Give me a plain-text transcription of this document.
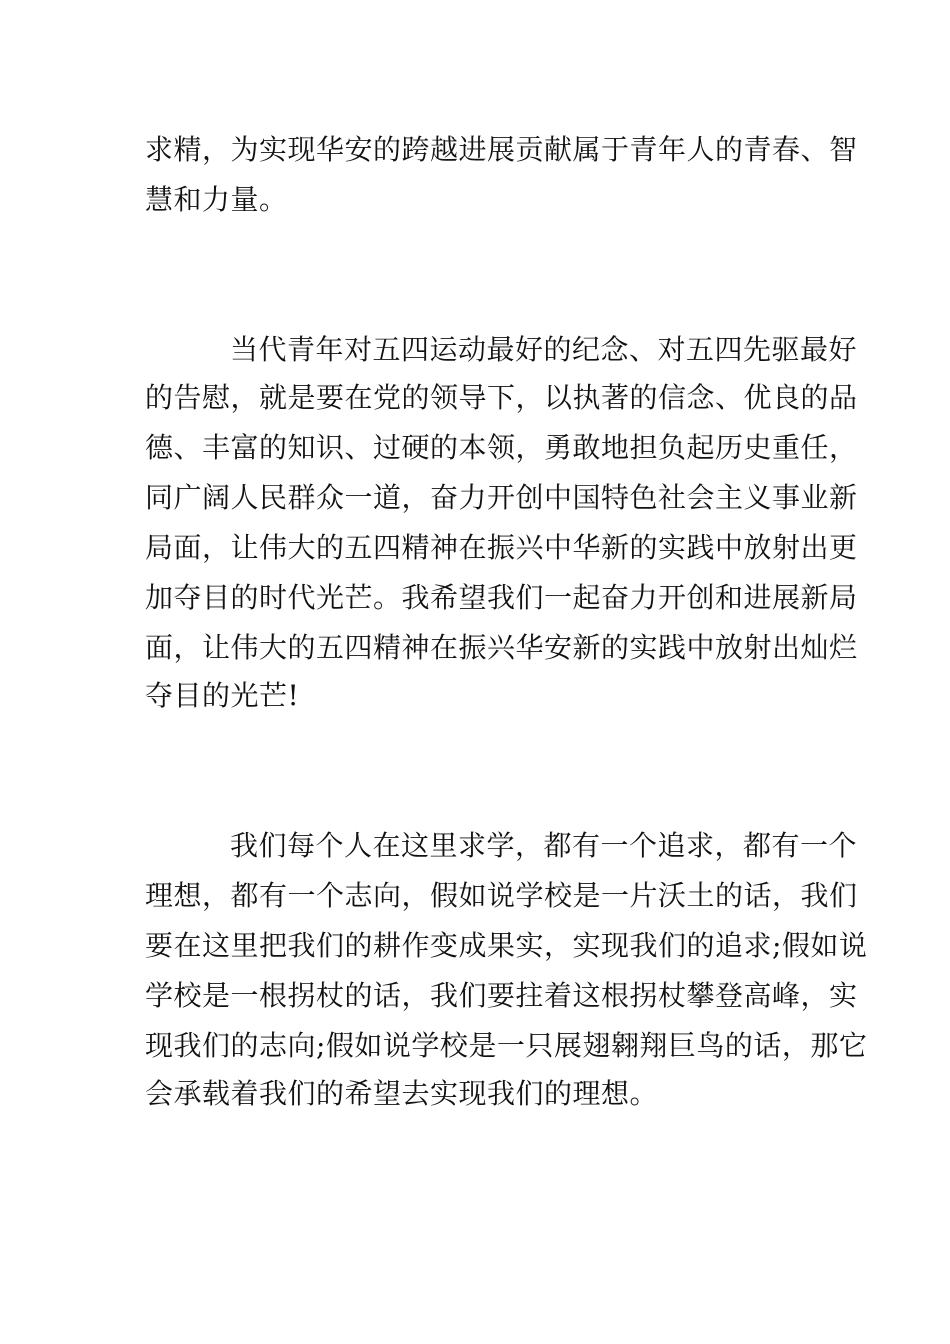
求精，为实现华安的跨越进展贡献属于青年人的青春、智

慧和力量。

当代青年对五四运动最好的纪念、对五四先驱最好

的告慰，就是要在党的领导下，以执著的信念、优良的品

德、丰富的知识、过硬的本领，勇敢地担负起历史重任，

同广阔人民群众一道，奋力开创中国特色社会主义事业新

局面，让伟大的五四精神在振兴中华新的实践中放射出更

加夺目的时代光芒。我希望我们一起奋力开创和进展新局

面，让伟大的五四精神在振兴华安新的实践中放射出灿烂

夺目的光芒!

我们每个人在这里求学，都有一个追求，都有一个

理想，都有一个志向，假如说学校是一片沃土的话，我们

要在这里把我们的耕作变成果实，实现我们的追求;假如说

学校是一根拐杖的话，我们要拄着这根拐杖攀登高峰，实

现我们的志向;假如说学校是一只展翅翱翔巨鸟的话，那它

会承载着我们的希望去实现我们的理想。
